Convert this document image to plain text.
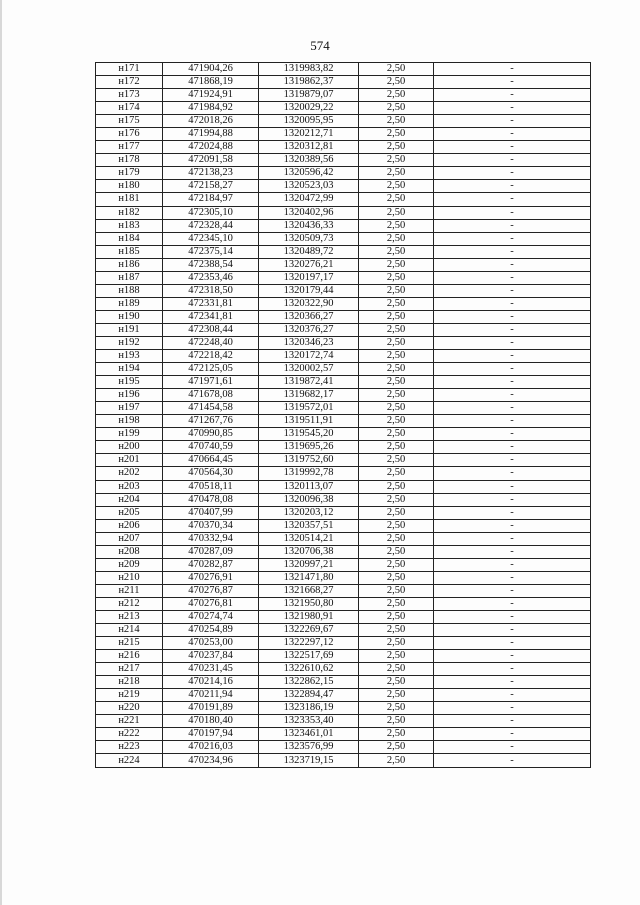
574
н171	471904,26	1319983,82	2,50	-
н172	471868,19	1319862,37	2,50	-
н173	471924,91	1319879,07	2,50	-
н174	471984,92	1320029,22	2,50	-
н175	472018,26	1320095,95	2,50	-
н176	471994,88	1320212,71	2,50	-
н177	472024,88	1320312,81	2,50	-
н178	472091,58	1320389,56	2,50	-
н179	472138,23	1320596,42	2,50	-
н180	472158,27	1320523,03	2,50	-
н181	472184,97	1320472,99	2,50	-
н182	472305,10	1320402,96	2,50	-
н183	472328,44	1320436,33	2,50	-
н184	472345,10	1320509,73	2,50	-
н185	472375,14	1320489,72	2,50	-
н186	472388,54	1320276,21	2,50	-
н187	472353,46	1320197,17	2,50	-
н188	472318,50	1320179,44	2,50	-
н189	472331,81	1320322,90	2,50	-
н190	472341,81	1320366,27	2,50	-
н191	472308,44	1320376,27	2,50	-
н192	472248,40	1320346,23	2,50	-
н193	472218,42	1320172,74	2,50	-
н194	472125,05	1320002,57	2,50	-
н195	471971,61	1319872,41	2,50	-
н196	471678,08	1319682,17	2,50	-
н197	471454,58	1319572,01	2,50	-
н198	471267,76	1319511,91	2,50	-
н199	470990,85	1319545,20	2,50	-
н200	470740,59	1319695,26	2,50	-
н201	470664,45	1319752,60	2,50	-
н202	470564,30	1319992,78	2,50	-
н203	470518,11	1320113,07	2,50	-
н204	470478,08	1320096,38	2,50	-
н205	470407,99	1320203,12	2,50	-
н206	470370,34	1320357,51	2,50	-
н207	470332,94	1320514,21	2,50	-
н208	470287,09	1320706,38	2,50	-
н209	470282,87	1320997,21	2,50	-
н210	470276,91	1321471,80	2,50	-
н211	470276,87	1321668,27	2,50	-
н212	470276,81	1321950,80	2,50	-
н213	470274,74	1321980,91	2,50	-
н214	470254,89	1322269,67	2,50	-
н215	470253,00	1322297,12	2,50	-
н216	470237,84	1322517,69	2,50	-
н217	470231,45	1322610,62	2,50	-
н218	470214,16	1322862,15	2,50	-
н219	470211,94	1322894,47	2,50	-
н220	470191,89	1323186,19	2,50	-
н221	470180,40	1323353,40	2,50	-
н222	470197,94	1323461,01	2,50	-
н223	470216,03	1323576,99	2,50	-
н224	470234,96	1323719,15	2,50	-
